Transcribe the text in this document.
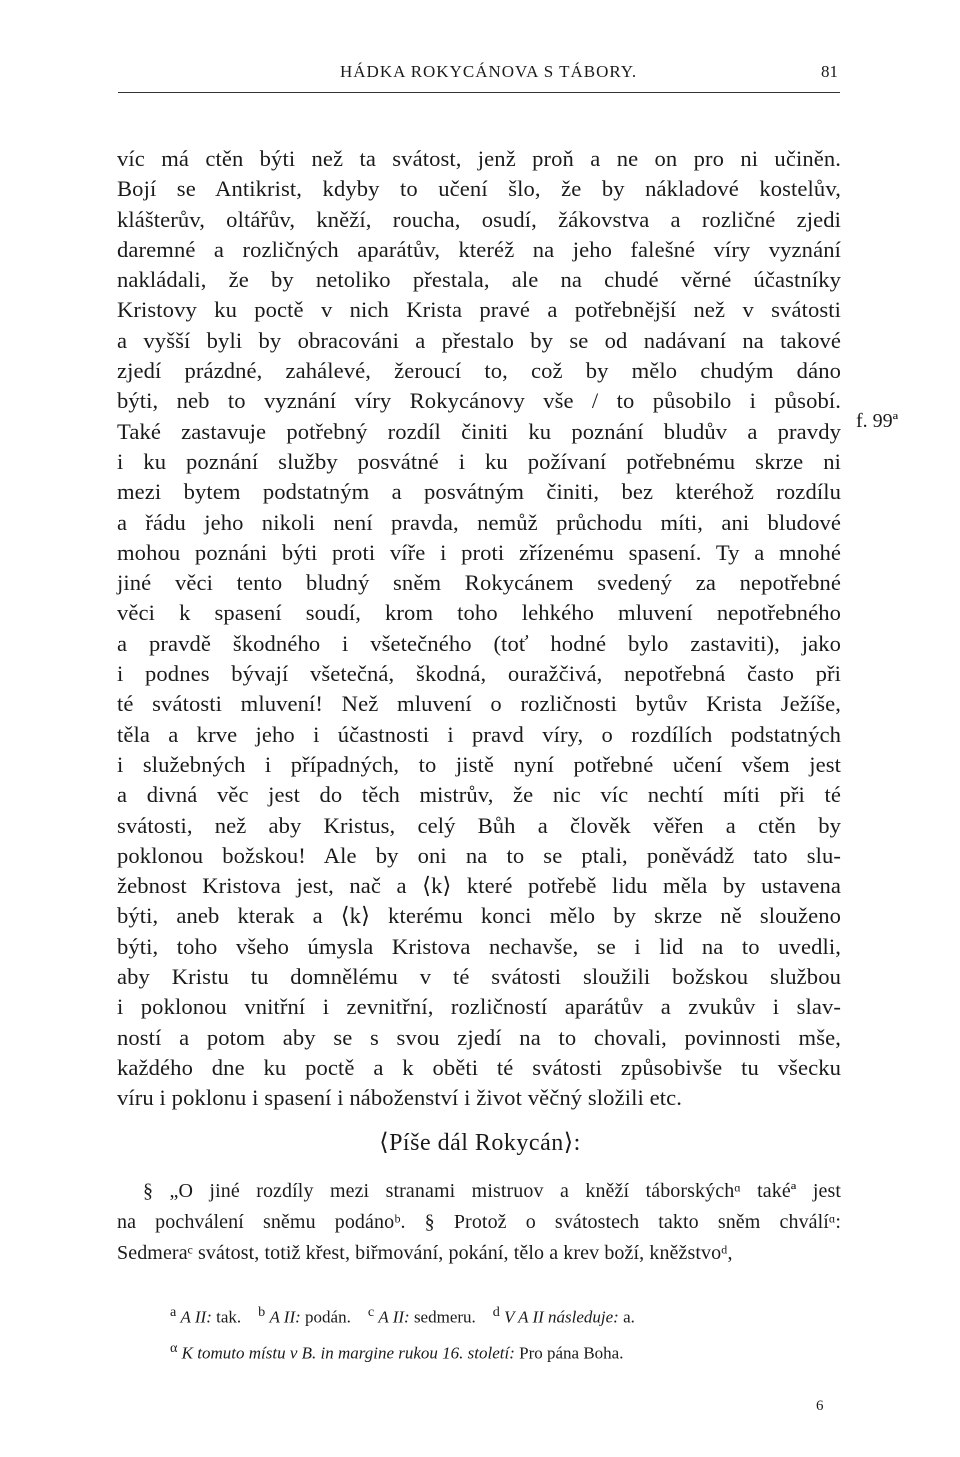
HÁDKA ROKYCÁNOVA S TÁBORY.	81
víc má ctěn býti než ta svátost, jenž proň a ne on pro ni učiněn.
Bojí se Antikrist, kdyby to učení šlo, že by nákladové kostelův,
klášterův, oltářův, kněží, roucha, osudí, žákovstva a rozličné zjedi
daremné a rozličných aparátův, kteréž na jeho falešné víry vyznání
nakládali, že by netoliko přestala, ale na chudé věrné účastníky
Kristovy ku poctě v nich Krista pravé a potřebnější než v svátosti
a vyšší byli by obracováni a přestalo by se od nadávaní na takové
zjedí prázdné, zahálevé, žeroucí to, což by mělo chudým dáno
býti, neb to vyznání víry Rokycánovy vše / to působilo i působí.
Také zastavuje potřebný rozdíl činiti ku poznání bludův a pravdy
i ku poznání služby posvátné i ku požívaní potřebnému skrze ni
mezi bytem podstatným a posvátným činiti, bez kteréhož rozdílu
a řádu jeho nikoli není pravda, nemůž průchodu míti, ani bludové
mohou poznáni býti proti víře i proti zřízenému spasení. Ty a mnohé
jiné věci tento bludný sněm Rokycánem svedený za nepotřebné
věci k spasení soudí, krom toho lehkého mluvení nepotřebného
a pravdě škodného i všetečného (toť hodné bylo zastaviti), jako
i podnes bývají všetečná, škodná, ouražčivá, nepotřebná často při
té svátosti mluvení! Než mluvení o rozličnosti bytův Krista Ježíše,
těla a krve jeho i účastnosti i pravd víry, o rozdílích podstatných
i služebných i případných, to jistě nyní potřebné učení všem jest
a divná věc jest do těch mistrův, že nic víc nechtí míti při té
svátosti, než aby Kristus, celý Bůh a člověk věřen a ctěn by
poklonou božskou! Ale by oni na to se ptali, poněvádž tato slu-
žebnost Kristova jest, nač a ⟨k⟩ které potřebě lidu měla by ustavena
býti, aneb kterak a ⟨k⟩ kterému konci mělo by skrze ně slouženo
býti, toho všeho úmysla Kristova nechavše, se i lid na to uvedli,
aby Kristu tu domnělému v té svátosti sloužili božskou službou
i poklonou vnitřní i zevnitřní, rozličností aparátův a zvukův i slav-
ností a potom aby se s svou zjedí na to chovali, povinnosti mše,
každého dne ku poctě a k oběti té svátosti způsobivše tu všecku
víru i poklonu i spasení i náboženství i život věčný složili etc.
f. 99ª
⟨Píše dál Rokycán⟩:
§ „O jiné rozdíly mezi stranami mistruov a kněží táborskýchᵅ takéª jest
na pochválení sněmu podánoᵇ. § Protož o svátostech takto sněm chválíᵅ:
Sedmeraᶜ svátost, totiž křest, biřmování, pokání, tělo a krev boží, kněžstvoᵈ,
$^a$ A II: tak. $^b$ A II: podán. $^c$ A II: sedmeru. $^d$ V A II následuje: a.
$^\alpha$ K tomuto místu v B. in margine rukou 16. století: Pro pána Boha.
6
